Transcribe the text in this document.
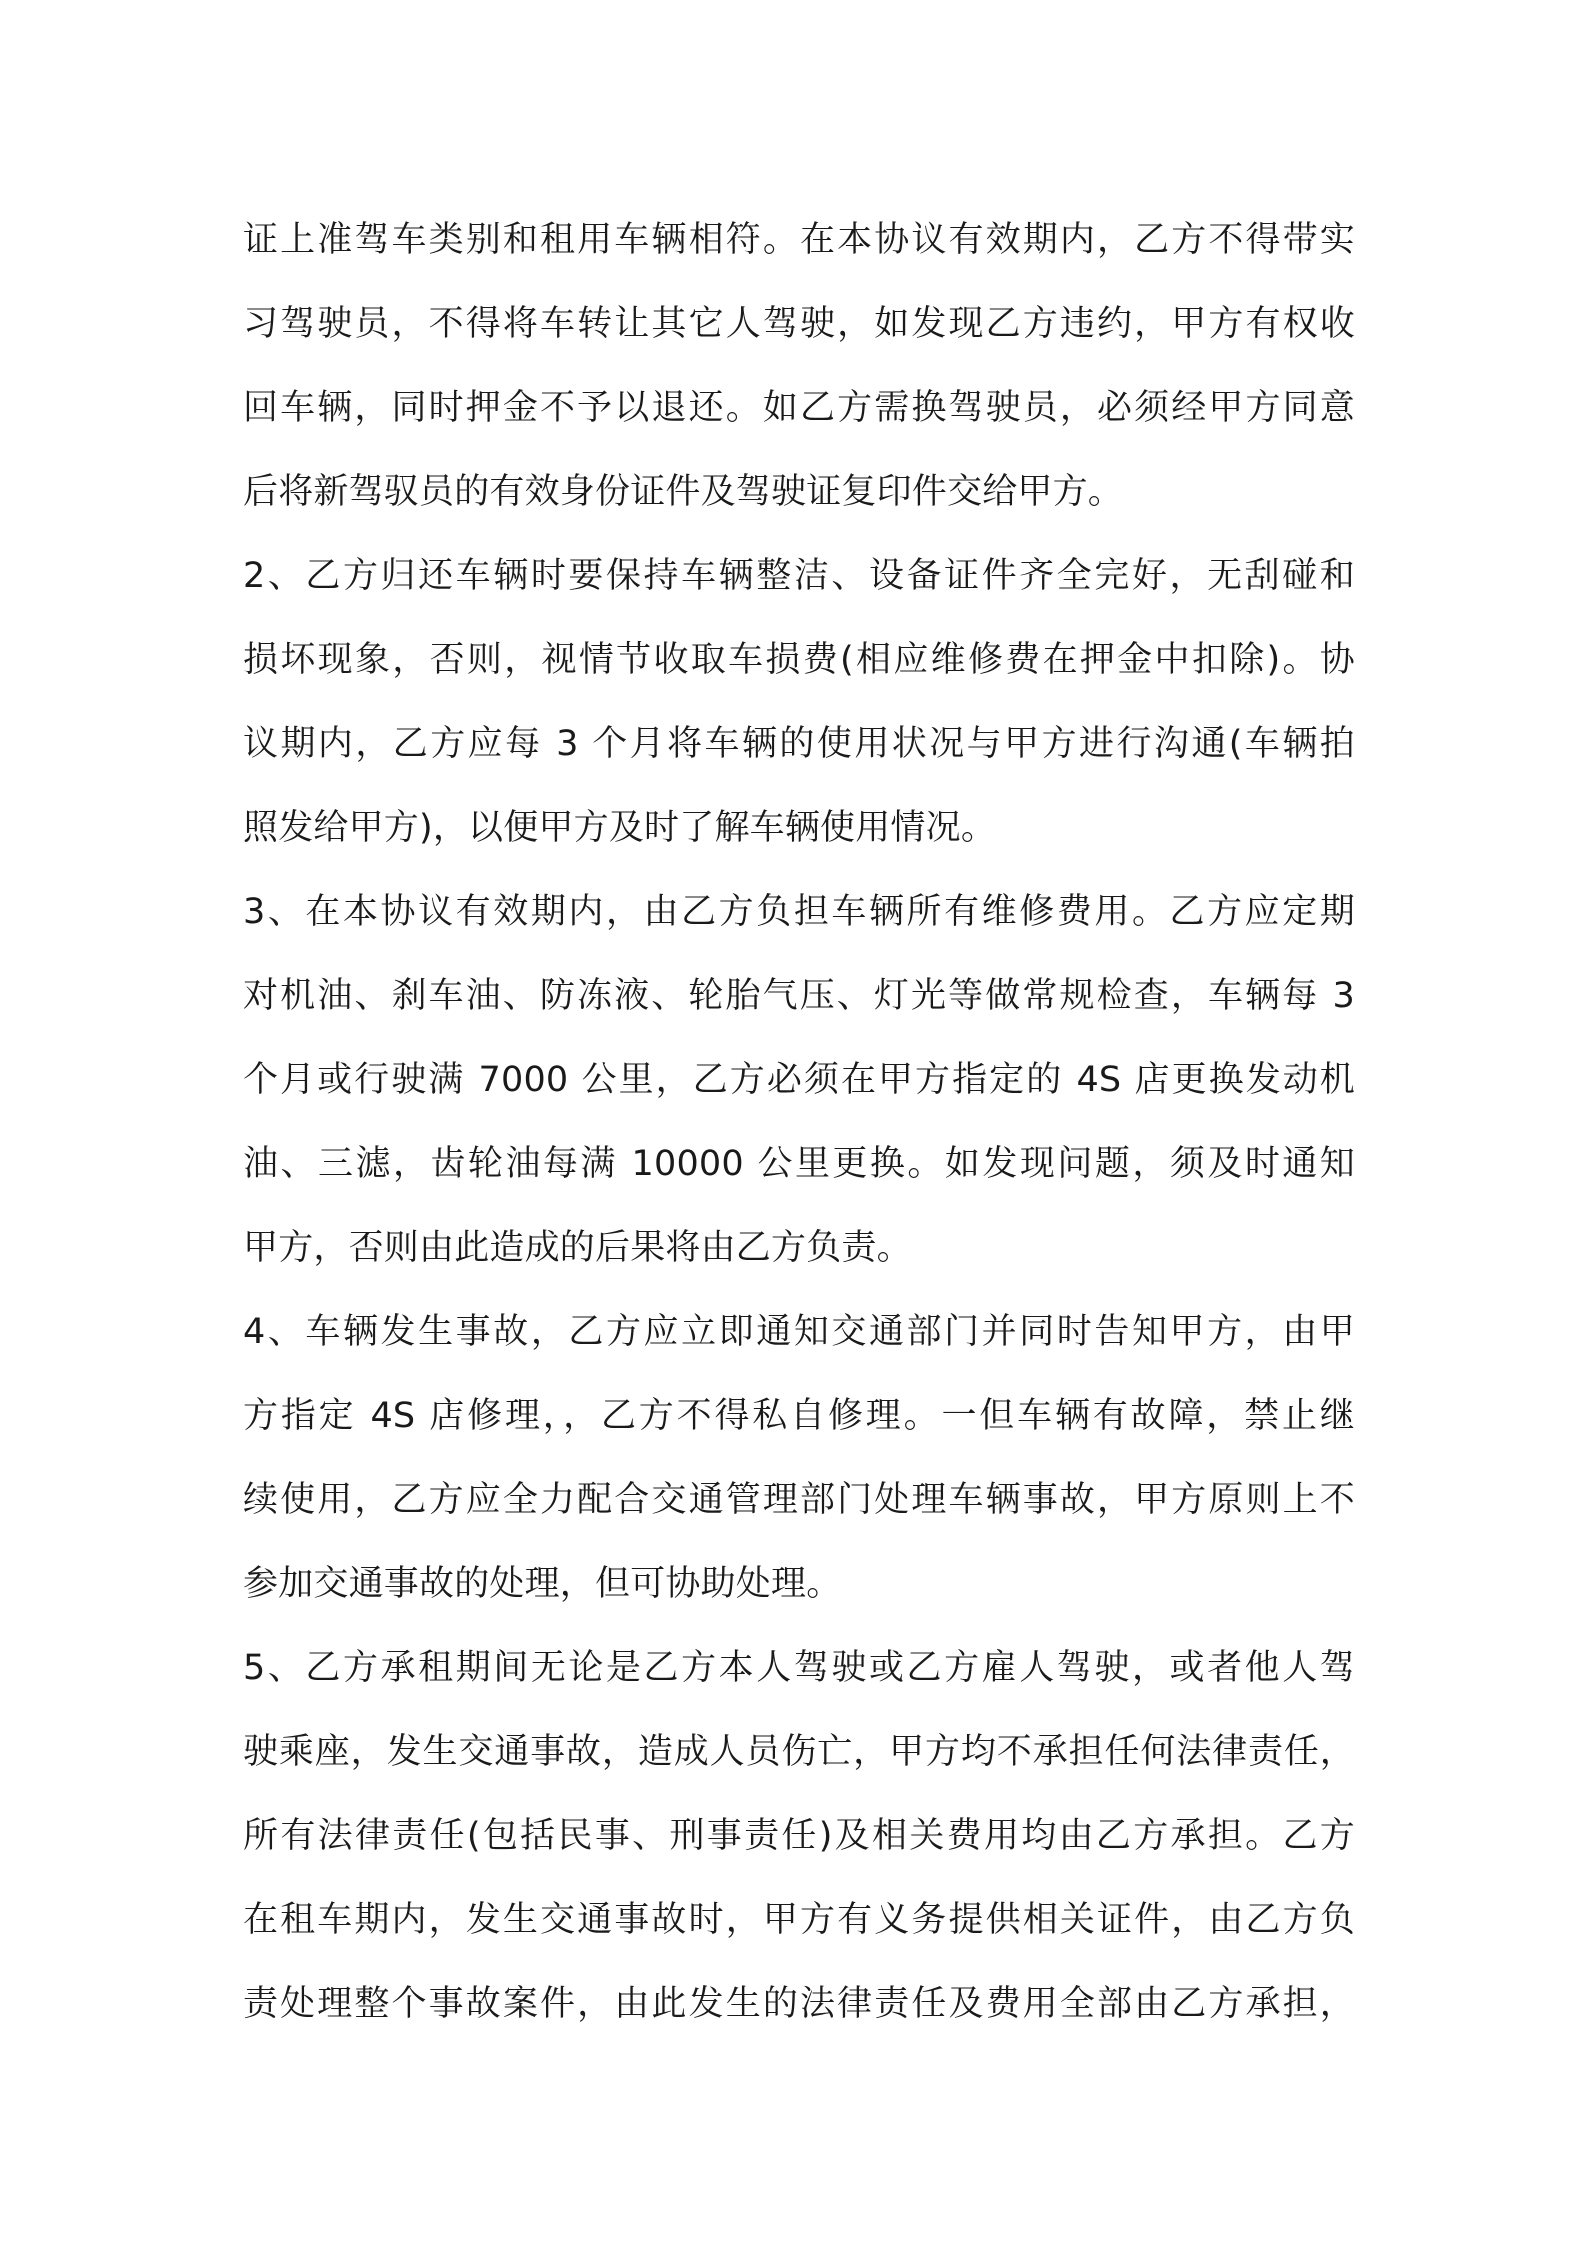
证上准驾车类别和租用车辆相符。在本协议有效期内，乙方不得带实
习驾驶员，不得将车转让其它人驾驶，如发现乙方违约，甲方有权收
回车辆，同时押金不予以退还。如乙方需换驾驶员，必须经甲方同意
后将新驾驭员的有效身份证件及驾驶证复印件交给甲方。
2、乙方归还车辆时要保持车辆整洁、设备证件齐全完好，无刮碰和
损坏现象，否则，视情节收取车损费(相应维修费在押金中扣除)。协
议期内，乙方应每 3 个月将车辆的使用状况与甲方进行沟通(车辆拍
照发给甲方)，以便甲方及时了解车辆使用情况。
3、在本协议有效期内，由乙方负担车辆所有维修费用。乙方应定期
对机油、刹车油、防冻液、轮胎气压、灯光等做常规检查，车辆每 3
个月或行驶满 7000 公里，乙方必须在甲方指定的 4S 店更换发动机
油、三滤，齿轮油每满 10000 公里更换。如发现问题，须及时通知
甲方，否则由此造成的后果将由乙方负责。
4、车辆发生事故，乙方应立即通知交通部门并同时告知甲方，由甲
方指定 4S 店修理，，乙方不得私自修理。一但车辆有故障，禁止继
续使用，乙方应全力配合交通管理部门处理车辆事故，甲方原则上不
参加交通事故的处理，但可协助处理。
5、乙方承租期间无论是乙方本人驾驶或乙方雇人驾驶，或者他人驾
驶乘座，发生交通事故，造成人员伤亡，甲方均不承担任何法律责任，
所有法律责任(包括民事、刑事责任)及相关费用均由乙方承担。乙方
在租车期内，发生交通事故时，甲方有义务提供相关证件，由乙方负
责处理整个事故案件，由此发生的法律责任及费用全部由乙方承担，
